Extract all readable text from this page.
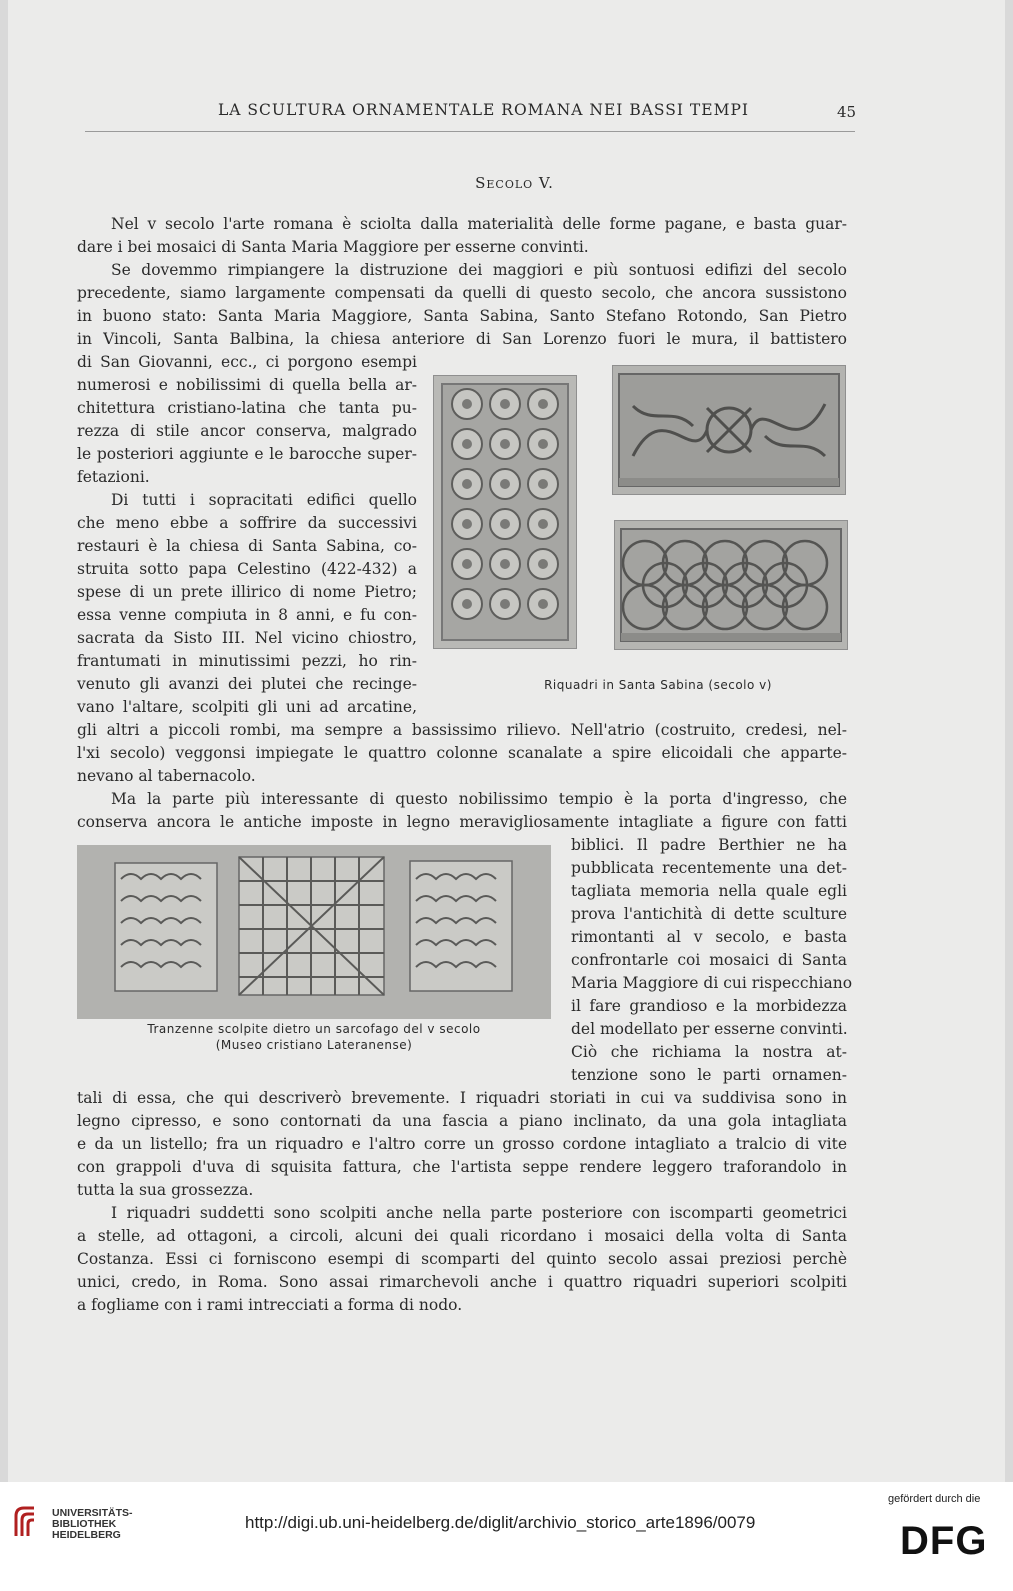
LA SCULTURA ORNAMENTALE ROMANA NEI BASSI TEMPI	45
Secolo V.
Nel v secolo l'arte romana è sciolta dalla materialità delle forme pagane, e basta guar-
dare i bei mosaici di Santa Maria Maggiore per esserne convinti.
Se dovemmo rimpiangere la distruzione dei maggiori e più sontuosi edifizi del secolo
precedente, siamo largamente compensati da quelli di questo secolo, che ancora sussistono
in buono stato: Santa Maria Maggiore, Santa Sabina, Santo Stefano Rotondo, San Pietro
in Vincoli, Santa Balbina, la chiesa anteriore di San Lorenzo fuori le mura, il battistero
di San Giovanni, ecc., ci porgono esempi
numerosi e nobilissimi di quella bella ar-
chitettura cristiano-latina che tanta pu-
rezza di stile ancor conserva, malgrado
le posteriori aggiunte e le barocche super-
fetazioni.
Di tutti i sopracitati edifici quello
che meno ebbe a soffrire da successivi
restauri è la chiesa di Santa Sabina, co-
struita sotto papa Celestino (422-432) a
spese di un prete illirico di nome Pietro;
essa venne compiuta in 8 anni, e fu con-
sacrata da Sisto III. Nel vicino chiostro,
frantumati in minutissimi pezzi, ho rin-
venuto gli avanzi dei plutei che recinge-
vano l'altare, scolpiti gli uni ad arcatine,
gli altri a piccoli rombi, ma sempre a bassissimo rilievo. Nell'atrio (costruito, credesi, nel-
l'xi secolo) veggonsi impiegate le quattro colonne scanalate a spire elicoidali che apparte-
nevano al tabernacolo.
Ma la parte più interessante di questo nobilissimo tempio è la porta d'ingresso, che
conserva ancora le antiche imposte in legno meravigliosamente intagliate a figure con fatti
biblici. Il padre Berthier ne ha
pubblicata recentemente una det-
tagliata memoria nella quale egli
prova l'antichità di dette sculture
rimontanti al v secolo, e basta
confrontarle coi mosaici di Santa
Maria Maggiore di cui rispecchiano
il fare grandioso e la morbidezza
del modellato per esserne convinti.
Ciò che richiama la nostra at-
tenzione sono le parti ornamen-
tali di essa, che qui descriverò brevemente. I riquadri storiati in cui va suddivisa sono in
legno cipresso, e sono contornati da una fascia a piano inclinato, da una gola intagliata
e da un listello; fra un riquadro e l'altro corre un grosso cordone intagliato a tralcio di vite
con grappoli d'uva di squisita fattura, che l'artista seppe rendere leggero traforandolo in
tutta la sua grossezza.
I riquadri suddetti sono scolpiti anche nella parte posteriore con iscomparti geometrici
a stelle, ad ottagoni, a circoli, alcuni dei quali ricordano i mosaici della volta di Santa
Costanza. Essi ci forniscono esempi di scomparti del quinto secolo assai preziosi perchè
unici, credo, in Roma. Sono assai rimarchevoli anche i quattro riquadri superiori scolpiti
a fogliame con i rami intrecciati a forma di nodo.
Riquadri in Santa Sabina (secolo v)
Tranzenne scolpite dietro un sarcofago del v secolo
(Museo cristiano Lateranense)
UNIVERSITÄTS-
BIBLIOTHEK
HEIDELBERG
http://digi.ub.uni-heidelberg.de/diglit/archivio_storico_arte1896/0079
gefördert durch die
DFG
